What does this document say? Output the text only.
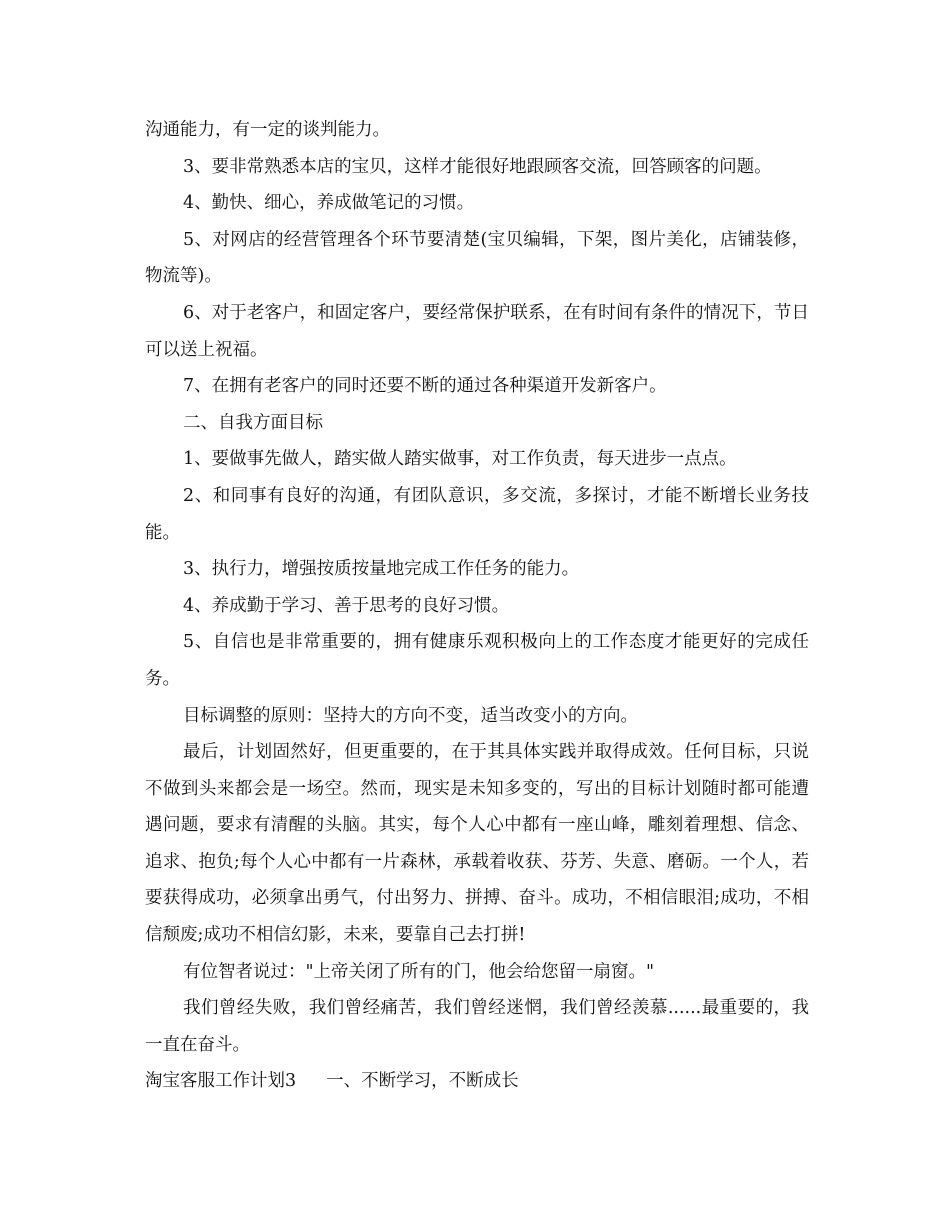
沟通能力，有一定的谈判能力。

3、要非常熟悉本店的宝贝，这样才能很好地跟顾客交流，回答顾客的问题。

4、勤快、细心，养成做笔记的习惯。

5、对网店的经营管理各个环节要清楚(宝贝编辑，下架，图片美化，店铺装修，物流等)。

6、对于老客户，和固定客户，要经常保护联系，在有时间有条件的情况下，节日可以送上祝福。

7、在拥有老客户的同时还要不断的通过各种渠道开发新客户。

二、自我方面目标

1、要做事先做人，踏实做人踏实做事，对工作负责，每天进步一点点。

2、和同事有良好的沟通，有团队意识，多交流，多探讨，才能不断增长业务技能。

3、执行力，增强按质按量地完成工作任务的能力。

4、养成勤于学习、善于思考的良好习惯。

5、自信也是非常重要的，拥有健康乐观积极向上的工作态度才能更好的完成任务。

目标调整的原则：坚持大的方向不变，适当改变小的方向。

最后，计划固然好，但更重要的，在于其具体实践并取得成效。任何目标，只说不做到头来都会是一场空。然而，现实是未知多变的，写出的目标计划随时都可能遭遇问题，要求有清醒的头脑。其实，每个人心中都有一座山峰，雕刻着理想、信念、追求、抱负;每个人心中都有一片森林，承载着收获、芬芳、失意、磨砺。一个人，若要获得成功，必须拿出勇气，付出努力、拼搏、奋斗。成功，不相信眼泪;成功，不相信颓废;成功不相信幻影，未来，要靠自己去打拼!

有位智者说过："上帝关闭了所有的门，他会给您留一扇窗。"

我们曾经失败，我们曾经痛苦，我们曾经迷惘，我们曾经羡慕......最重要的，我一直在奋斗。

淘宝客服工作计划3 一、不断学习，不断成长
